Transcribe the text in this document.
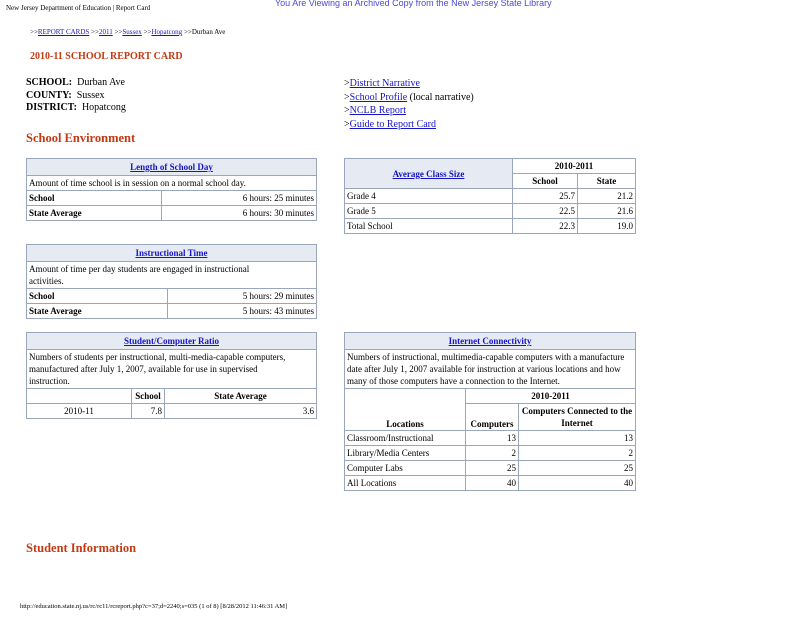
New Jersey Department of Education | Report Card	You Are Viewing an Archived Copy from the New Jersey State Library
>>REPORT CARDS >>2011 >>Sussex >>Hopatcong >>Durban Ave
2010-11 SCHOOL REPORT CARD
SCHOOL: Durban Ave
COUNTY: Sussex
DISTRICT: Hopatcong
>District Narrative
>School Profile (local narrative)
>NCLB Report
>Guide to Report Card
School Environment
Length of School Day	
Amount of time school is in session on a normal school day.	
School	6 hours: 25 minutes
State Average	6 hours: 30 minutes
Instructional Time	
Amount of time per day students are engaged in instructional activities.	
School	5 hours: 29 minutes
State Average	5 hours: 43 minutes
Student/Computer Ratio		
Numbers of students per instructional, multi-media-capable computers, manufactured after July 1, 2007, available for use in supervised instruction.		
	School	State Average
2010-11	7.8	3.6
Average Class Size	2010-2011	
	School	State
Grade 4	25.7	21.2
Grade 5	22.5	21.6
Total School	22.3	19.0
Internet Connectivity		
Numbers of instructional, multimedia-capable computers with a manufacture date after July 1, 2007 available for instruction at various locations and how many of those computers have a connection to the Internet.		
Locations	2010-2011	
	Computers	Computers Connected to the Internet
Classroom/Instructional	13	13
Library/Media Centers	2	2
Computer Labs	25	25
All Locations	40	40
Student Information
http://education.state.nj.us/rc/rc11/rcreport.php?c=37;d=2240;s=035 (1 of 8) [8/28/2012 11:46:31 AM]
